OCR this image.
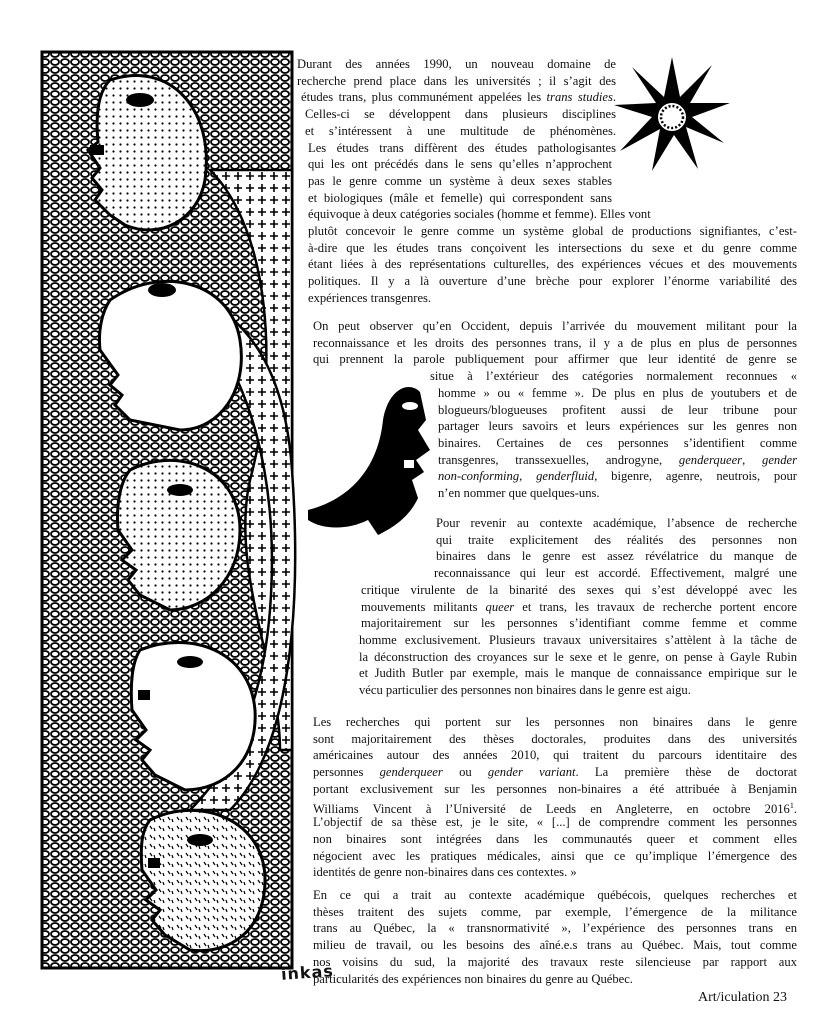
Durant des années 1990, un nouveau domaine de
recherche prend place dans les universités ; il s’agit des
études trans, plus communément appelées les trans studies.
Celles-ci se développent dans plusieurs disciplines
et s’intéressent à une multitude de phénomènes.
Les études trans diffèrent des études pathologisantes
qui les ont précédés dans le sens qu’elles n’approchent
pas le genre comme un système à deux sexes stables
et biologiques (mâle et femelle) qui correspondent sans
équivoque à deux catégories sociales (homme et femme). Elles vont
plutôt concevoir le genre comme un système global de productions signifiantes, c’est-
à-dire que les études trans conçoivent les intersections du sexe et du genre comme
étant liées à des représentations culturelles, des expériences vécues et des mouvements
politiques. Il y a là ouverture d’une brèche pour explorer l’énorme variabilité des
expériences transgenres.
On peut observer qu’en Occident, depuis l’arrivée du mouvement militant pour la
reconnaissance et les droits des personnes trans, il y a de plus en plus de personnes
qui prennent la parole publiquement pour affirmer que leur identité de genre se
situe à l’extérieur des catégories normalement reconnues «
homme » ou « femme ». De plus en plus de youtubers et de
blogueurs/blogueuses profitent aussi de leur tribune pour
partager leurs savoirs et leurs expériences sur les genres non
binaires. Certaines de ces personnes s’identifient comme
transgenres, transsexuelles, androgyne, genderqueer, gender
non-conforming, genderfluid, bigenre, agenre, neutrois, pour
n’en nommer que quelques-uns.
Pour revenir au contexte académique, l’absence de recherche
qui traite explicitement des réalités des personnes non
binaires dans le genre est assez révélatrice du manque de
reconnaissance qui leur est accordé. Effectivement, malgré une
critique virulente de la binarité des sexes qui s’est développé avec les
mouvements militants queer et trans, les travaux de recherche portent encore
majoritairement sur les personnes s’identifiant comme femme et comme
homme exclusivement. Plusieurs travaux universitaires s’attèlent à la tâche de
la déconstruction des croyances sur le sexe et le genre, on pense à Gayle Rubin
et Judith Butler par exemple, mais le manque de connaissance empirique sur le
vécu particulier des personnes non binaires dans le genre est aigu.
Les recherches qui portent sur les personnes non binaires dans le genre
sont majoritairement des thèses doctorales, produites dans des universités
américaines autour des années 2010, qui traitent du parcours identitaire des
personnes genderqueer ou gender variant. La première thèse de doctorat
portant exclusivement sur les personnes non-binaires a été attribuée à Benjamin
Williams Vincent à l’Université de Leeds en Angleterre, en octobre 2016$^1$.
L’objectif de sa thèse est, je le site, « [...] de comprendre comment les personnes
non binaires sont intégrées dans les communautés queer et comment elles
négocient avec les pratiques médicales, ainsi que ce qu’implique l’émergence des
identités de genre non-binaires dans ces contextes. »
En ce qui a trait au contexte académique québécois, quelques recherches et
thèses traitent des sujets comme, par exemple, l’émergence de la militance
trans au Québec, la « transnormativité », l’expérience des personnes trans en
milieu de travail, ou les besoins des aîné.e.s trans au Québec. Mais, tout comme
nos voisins du sud, la majorité des travaux reste silencieuse par rapport aux
particularités des expériences non binaires du genre au Québec.
inkas
Art/iculation 23
